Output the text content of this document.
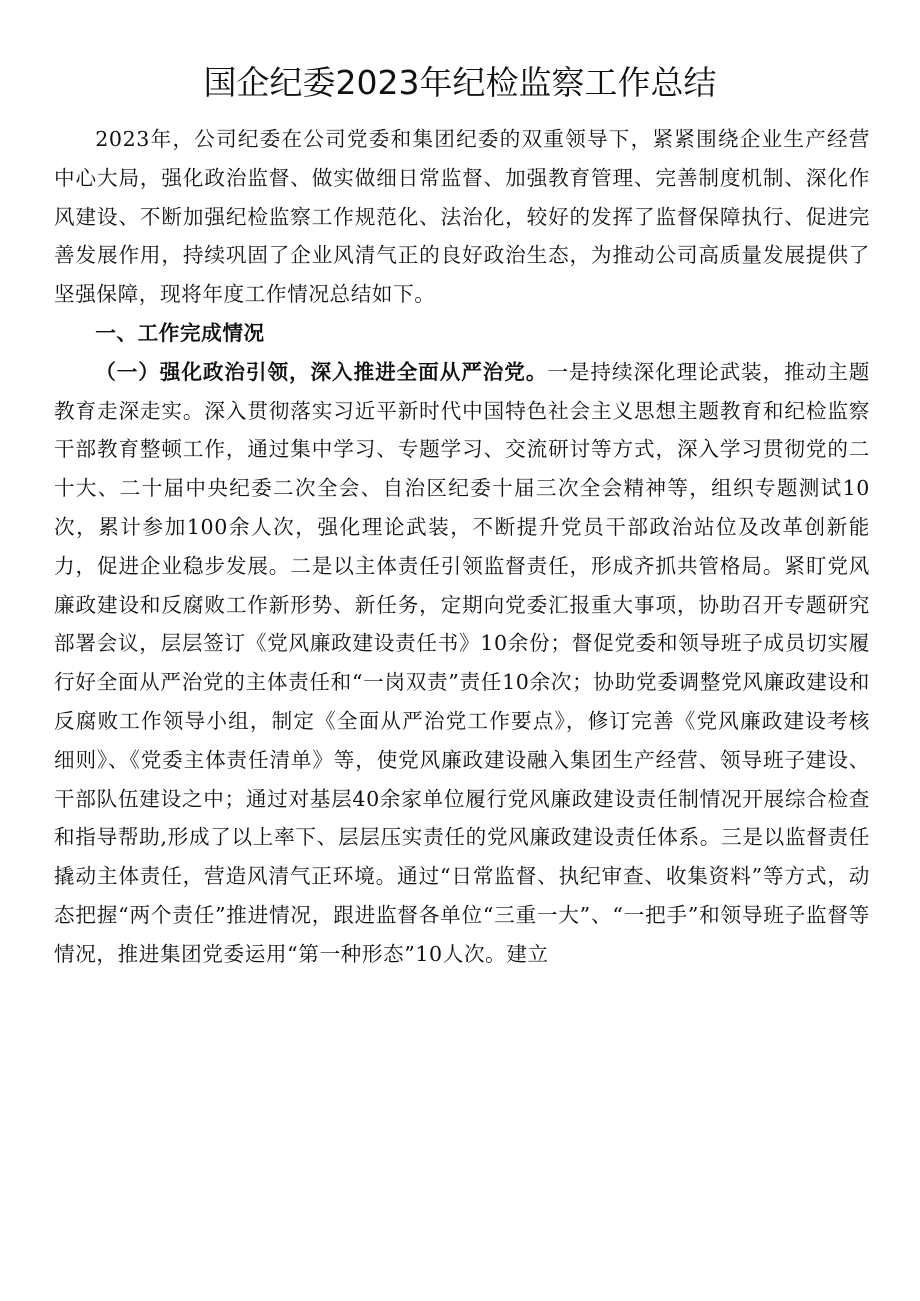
国企纪委2023年纪检监察工作总结

2023年，公司纪委在公司党委和集团纪委的双重领导下，紧紧围绕企业生产经营中心大局，强化政治监督、做实做细日常监督、加强教育管理、完善制度机制、深化作风建设、不断加强纪检监察工作规范化、法治化，较好的发挥了监督保障执行、促进完善发展作用，持续巩固了企业风清气正的良好政治生态，为推动公司高质量发展提供了坚强保障，现将年度工作情况总结如下。

一、工作完成情况

（一）强化政治引领，深入推进全面从严治党。一是持续深化理论武装，推动主题教育走深走实。深入贯彻落实习近平新时代中国特色社会主义思想主题教育和纪检监察干部教育整顿工作，通过集中学习、专题学习、交流研讨等方式，深入学习贯彻党的二十大、二十届中央纪委二次全会、自治区纪委十届三次全会精神等，组织专题测试10次，累计参加100余人次，强化理论武装，不断提升党员干部政治站位及改革创新能力，促进企业稳步发展。二是以主体责任引领监督责任，形成齐抓共管格局。紧盯党风廉政建设和反腐败工作新形势、新任务，定期向党委汇报重大事项，协助召开专题研究部署会议，层层签订《党风廉政建设责任书》10余份；督促党委和领导班子成员切实履行好全面从严治党的主体责任和“一岗双责”责任10余次；协助党委调整党风廉政建设和反腐败工作领导小组，制定《全面从严治党工作要点》，修订完善《党风廉政建设考核细则》、《党委主体责任清单》等，使党风廉政建设融入集团生产经营、领导班子建设、干部队伍建设之中；通过对基层40余家单位履行党风廉政建设责任制情况开展综合检查和指导帮助,形成了以上率下、层层压实责任的党风廉政建设责任体系。三是以监督责任撬动主体责任，营造风清气正环境。通过“日常监督、执纪审查、收集资料”等方式，动态把握“两个责任”推进情况，跟进监督各单位“三重一大”、“一把手”和领导班子监督等情况，推进集团党委运用“第一种形态”10人次。建立
